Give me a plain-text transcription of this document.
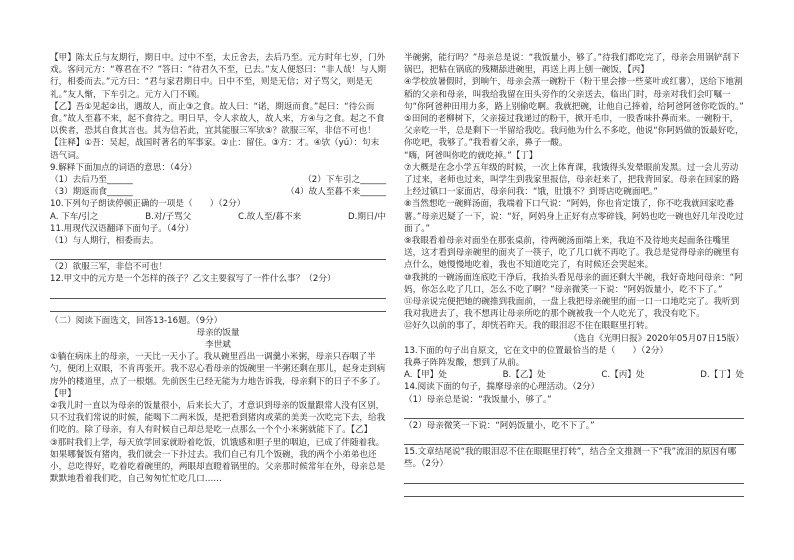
【甲】陈太丘与友期行，期日中。过中不至，太丘舍去，去后乃至。元方时年七岁，门外戏。客问元方：“尊君在不？”答曰：“待君久不至，已去。”友人便怒曰：“非人哉！与人期行，相委而去。”元方曰：“君与家君期日中。日中不至，则是无信；对子骂父，则是无礼。”友人惭，下车引之。元方入门不顾。

【乙】吾①见起②出，遇故人，而止③之食。故人曰：“诺，期返而食。”起曰：“待公而食。”故人至暮不来，起不食待之。明日早，令人求故人，故人来，方④与之食。起之不食以俟者，恐其自食其言也。其为信若此，宜其能服三军欤⑤？欲服三军，非信不可也！

【注释】①吾：吴起，战国时著名的军事家。②止：留住。③方：才。④欤（yú）：句末语气词。

9.解释下面加点的词语的意思：（4分）

（1）去后乃至______	（2）下车引之______
（3）期返而食______	（4）故人至暮不来______

10.下列句子朗读停顿正确的一项是（　　）（2分）

A. 下车/引之	B.对/子骂父	C.故人至/暮不来	D.期日/中

11.用现代汉语翻译下面句子。（4分）

（1）与人期行，相委而去。

（2）欲服三军，非信不可也！

12.甲文中的元方是一个怎样的孩子？乙文主要叙写了一件什么事？（2分）

（二）阅读下面选文，回答13-16题。（9分）

母亲的饭量

李世斌

①躺在病床上的母亲，一天比一天小了。我从碗里舀出一调羹小米粥，母亲只吞咽了半勺，便闭上双眼，不肯再张开。我不忍心看母亲的饭碗里一半粥还剩在那儿，起身走到病房外的楼道里，点了一根烟。先前医生已经无能为力地告诉我，母亲剩下的日子不多了。【甲】

②我儿时一直以为母亲的饭量很小，后来长大了，才意识到母亲的饭量跟常人没有区别，只不过我们常说的时候，能喝下二两米饭，是把看到猪肉或菜的美美一次吃完下去，给我们吃的。除了母亲，有人有时候自己却总是吃一点那么一个个小米粥就能下了。【乙】

③那时我们上学，每天放学回家就盼着吃饭，饥饿感和胆子里的咽迫，已成了伴随着我。如果哪餐饭有猪肉，我们就会一下扑过去。我们自己有几个饭碗，我的两个小弟弟也还小，总吃得好，吃着吃着碗里的，两眼却直瞪着锅里的。父亲那时候常年在外，母亲总是默默地看着我们吃，自己匆匆忙忙吃几口……

半碗粥，能行吗？”母亲总是说：“我饭量小，够了。”待我们都吃完了，母亲会用锅铲刮下锅巴，把粘在锅底的残糊舔进碗里，再送上再上刨一碗饭，【丙】

④学校放暑假时，到晌午，母亲会蒸一碗粉干（粉干里会掺一些菜叶或红薯），送给下地割稻的父亲和母亲，叫我给我留在田头旁作的父亲送去，临出门时，母亲对我们会叮嘱一句“你阿爸种田用力多，路上别偷吃啊。我就把碗，让他自己捧着，给阿爸阿爸你吃饭的。”

⑤田间的老柳树下，父亲接过我递过的粉干，掀开毛巾，一股香味扑鼻而来。一碗粉干，父亲吃一半，总是剩下一半留给我吃。我问他为什么不多吃，他说“你阿妈做的饭最好吃，你吃吧，我够了。”我看着父亲，鼻子一酸。

“嗨，阿爸叫你吃的就吃掉。”【丁】

⑦大概是在念小学五年级的时候，一次上体育课，我饿得头发晕眼前发黑。过一会儿劳动了过来，老师也过来，叫学生到我家里报信，母亲赶来了，把我背回家。母亲在回家的路上经过镇口一家面店，母亲问我：“饿，肚饿不？到哥店吃碗面吧。”

⑧当然想吃一碗鲜汤面，我端着下口气说：“阿妈，你也肯定饿了，你不吃我就回家吃番薯。”母亲迟疑了一下，说：“好，阿妈身上正好有点零碎钱，阿妈也吃一碗也好几年没吃过面了。”

⑨我眼看着母亲对面坐在那张桌前，待两碗汤面端上来，我迫不及待地夹起面条往嘴里送，这才看到母亲碗里的面夹了一筷子，吃了几口就不再吃了。我总是觉得母亲的碗里有点什么，她慢慢地吃着，我也不知道吃完了，有时候还会哭起来。

⑩我挑的一碗汤面连底吃干净后，我抬头看见母亲的面还剩大半碗，我好奇地问母亲：“阿妈，你怎么吃了几口，怎么不吃了啊？”母亲微笑一下说：“阿妈饭量小，吃不下了。”

⑪母亲说完便把她的碗推到我面前，一盘上我把母亲碗里的面一口一口地吃完了。我听到我对我进去了，我不想再让母亲所吃的那个碗被我一个人吃光了，我没有吃下。

⑫好久以前的事了，却恍若昨天。我的眼泪忍不住在眼眶里打转。

（选自《光明日报》2020年05月07日15版）

13.下面的句子出自原文，它在文中的位置最恰当的是（　　）（2分）

我鼻子阵阵发酸，想到了从前。

A.【甲】处	B.【乙】处	C.【丙】处	D.【丁】处

14.阅读下面的句子，揣摩母亲的心理活动。（2分）

（1）母亲总是说：“我饭量小，够了。”

（2）母亲微笑一下说：“阿妈饭量小，吃不下了。”

15.文章结尾说“我的眼泪忍不住在眼眶里打转”，结合全文推测一下“我”流泪的原因有哪些。（2分）
